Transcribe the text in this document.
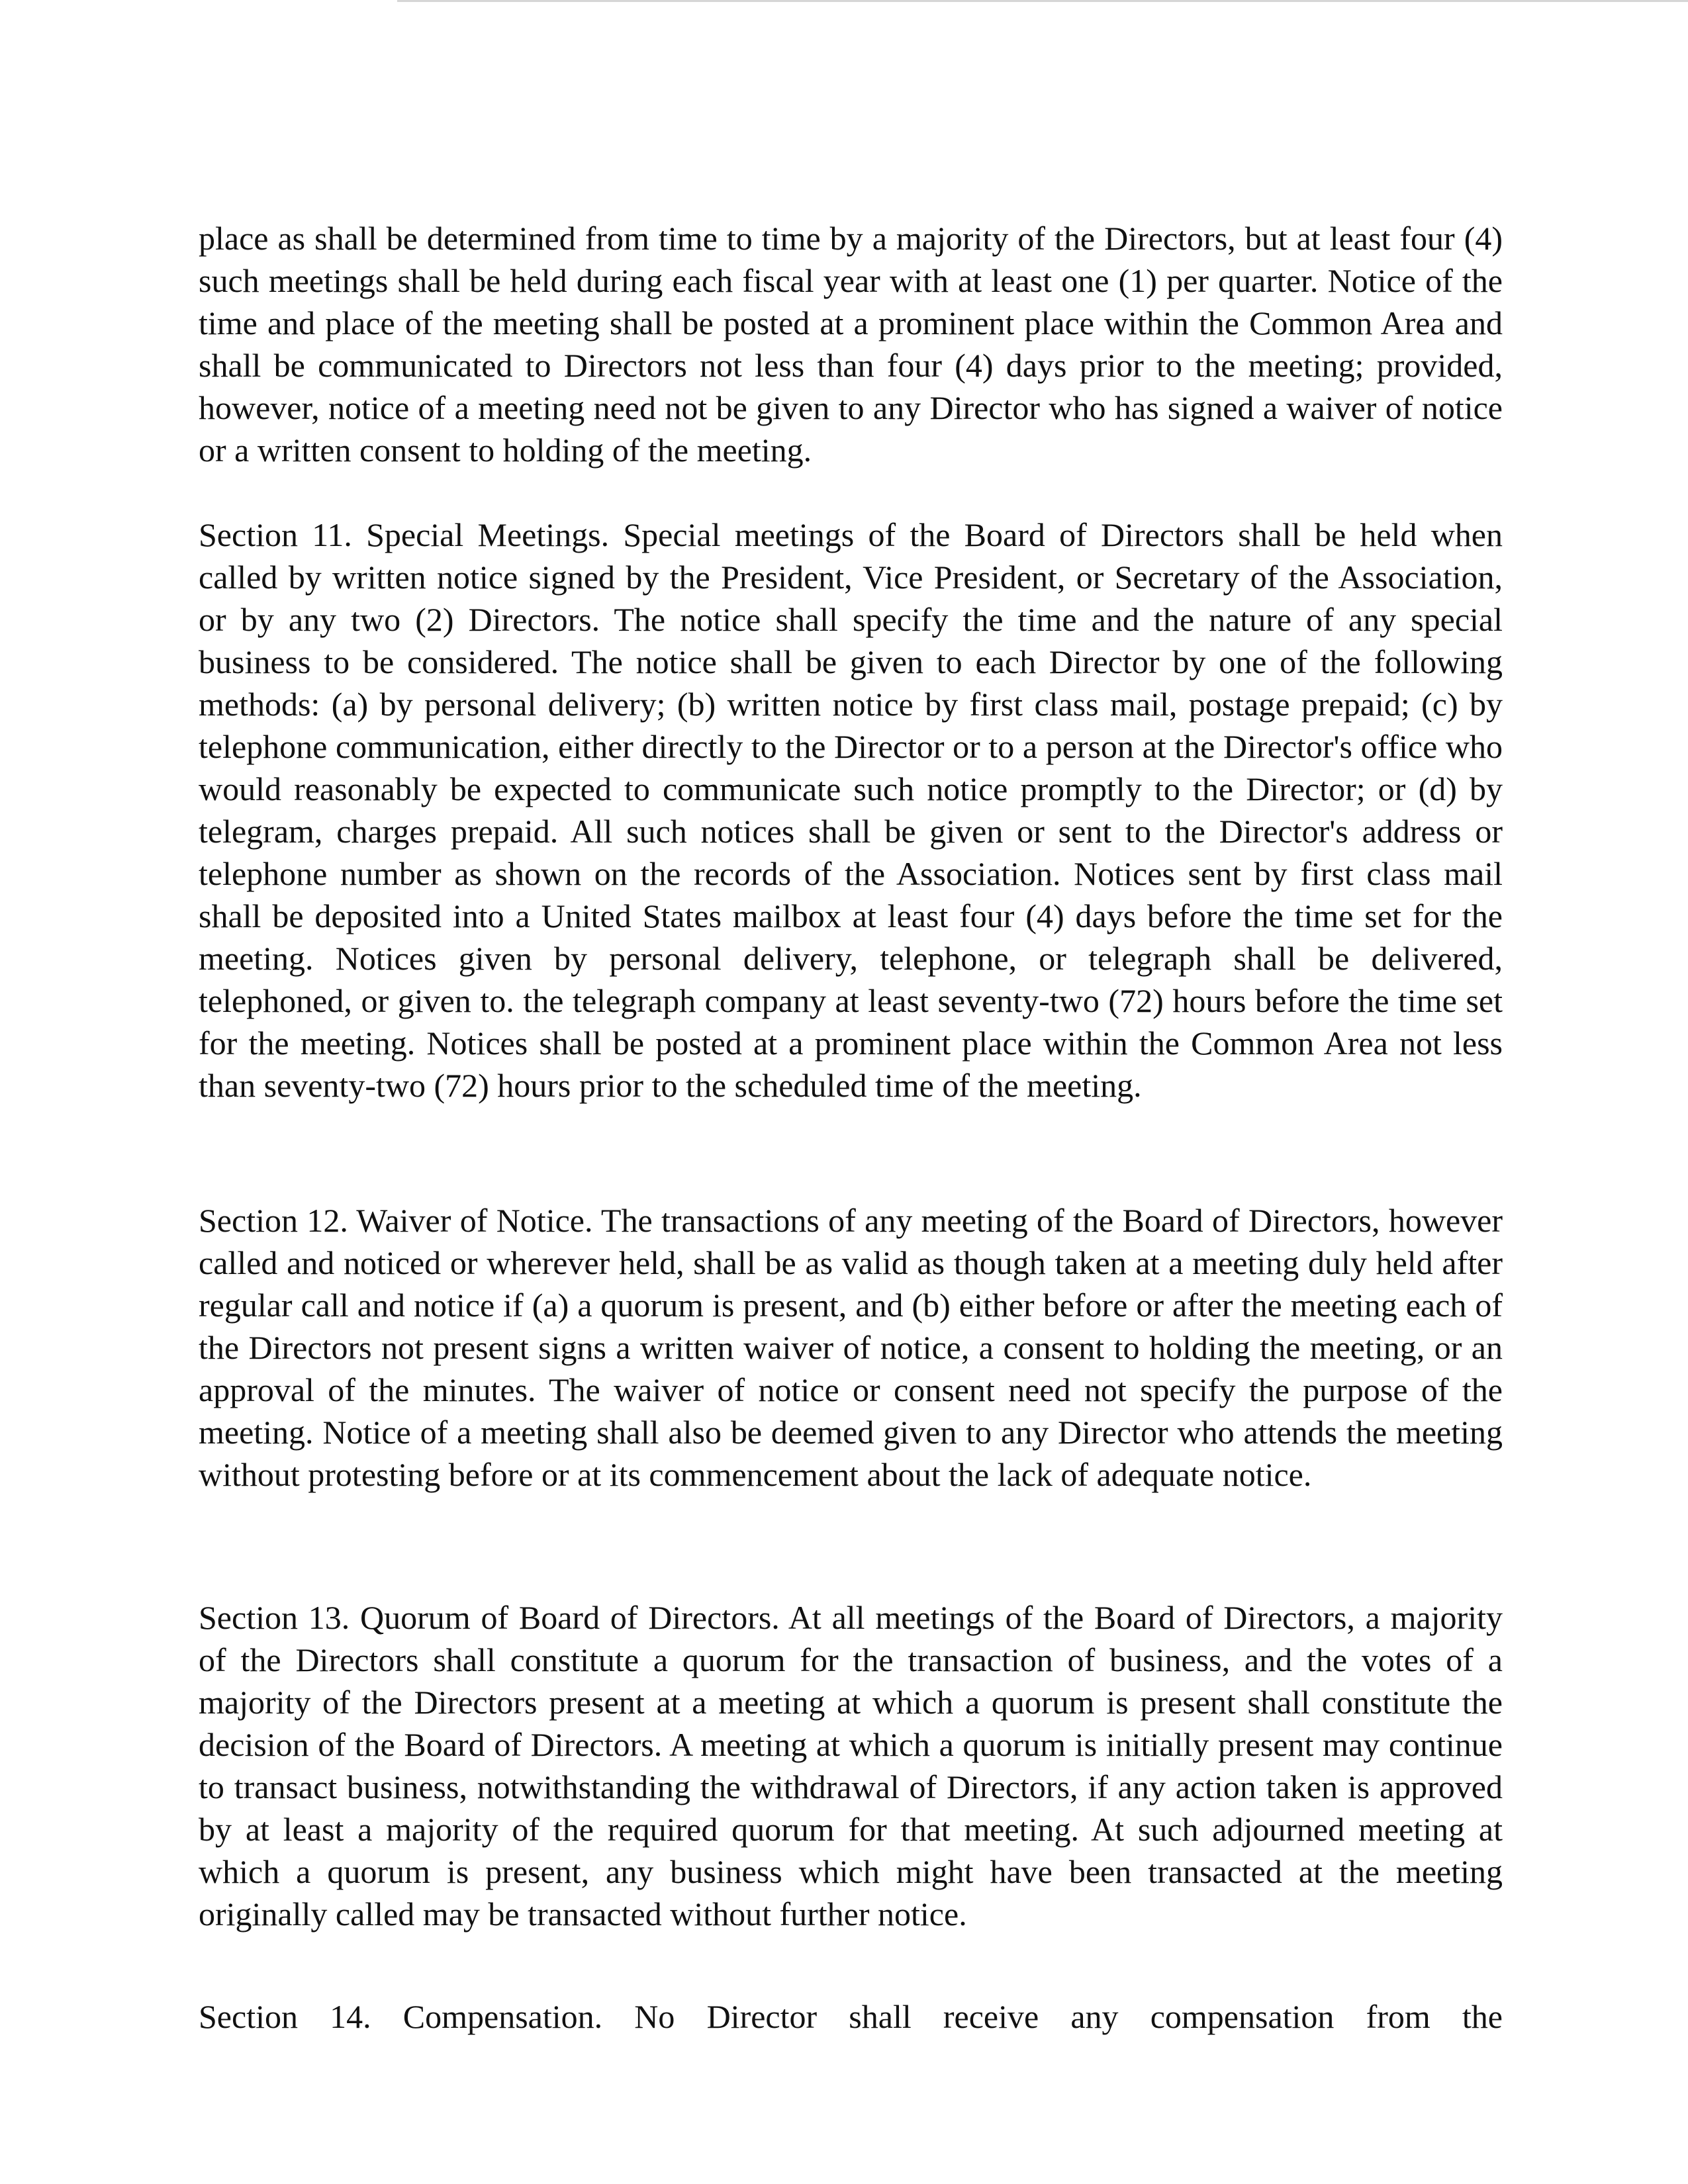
place as shall be determined from time to time by a majority of the Directors, but at least four (4) such meetings shall be held during each fiscal year with at least one (1) per quarter. Notice of the time and place of the meeting shall be posted at a prominent place within the Common Area and shall be communicated to Directors not less than four (4) days prior to the meeting; provided, however, notice of a meeting need not be given to any Director who has signed a waiver of notice or a written consent to holding of the meeting.

Section 11. Special Meetings. Special meetings of the Board of Directors shall be held when called by written notice signed by the President, Vice President, or Secretary of the Association, or by any two (2) Directors. The notice shall specify the time and the nature of any special business to be considered. The notice shall be given to each Director by one of the following methods: (a) by personal delivery; (b) written notice by first class mail, postage prepaid; (c) by telephone communication, either directly to the Director or to a person at the Director's office who would reasonably be expected to communicate such notice promptly to the Director; or (d) by telegram, charges prepaid. All such notices shall be given or sent to the Director's address or telephone number as shown on the records of the Association. Notices sent by first class mail shall be deposited into a United States mailbox at least four (4) days before the time set for the meeting. Notices given by personal delivery, telephone, or telegraph shall be delivered, telephoned, or given to. the telegraph company at least seventy-two (72) hours before the time set for the meeting. Notices shall be posted at a prominent place within the Common Area not less than seventy-two (72) hours prior to the scheduled time of the meeting.

Section 12. Waiver of Notice. The transactions of any meeting of the Board of Directors, however called and noticed or wherever held, shall be as valid as though taken at a meeting duly held after regular call and notice if (a) a quorum is present, and (b) either before or after the meeting each of the Directors not present signs a written waiver of notice, a consent to holding the meeting, or an approval of the minutes. The waiver of notice or consent need not specify the purpose of the meeting. Notice of a meeting shall also be deemed given to any Director who attends the meeting without protesting before or at its commencement about the lack of adequate notice.

Section 13. Quorum of Board of Directors. At all meetings of the Board of Directors, a majority of the Directors shall constitute a quorum for the transaction of business, and the votes of a majority of the Directors present at a meeting at which a quorum is present shall constitute the decision of the Board of Directors. A meeting at which a quorum is initially present may continue to transact business, notwithstanding the withdrawal of Directors, if any action taken is approved by at least a majority of the required quorum for that meeting. At such adjourned meeting at which a quorum is present, any business which might have been transacted at the meeting originally called may be transacted without further notice.

Section 14. Compensation. No Director shall receive any compensation from the
